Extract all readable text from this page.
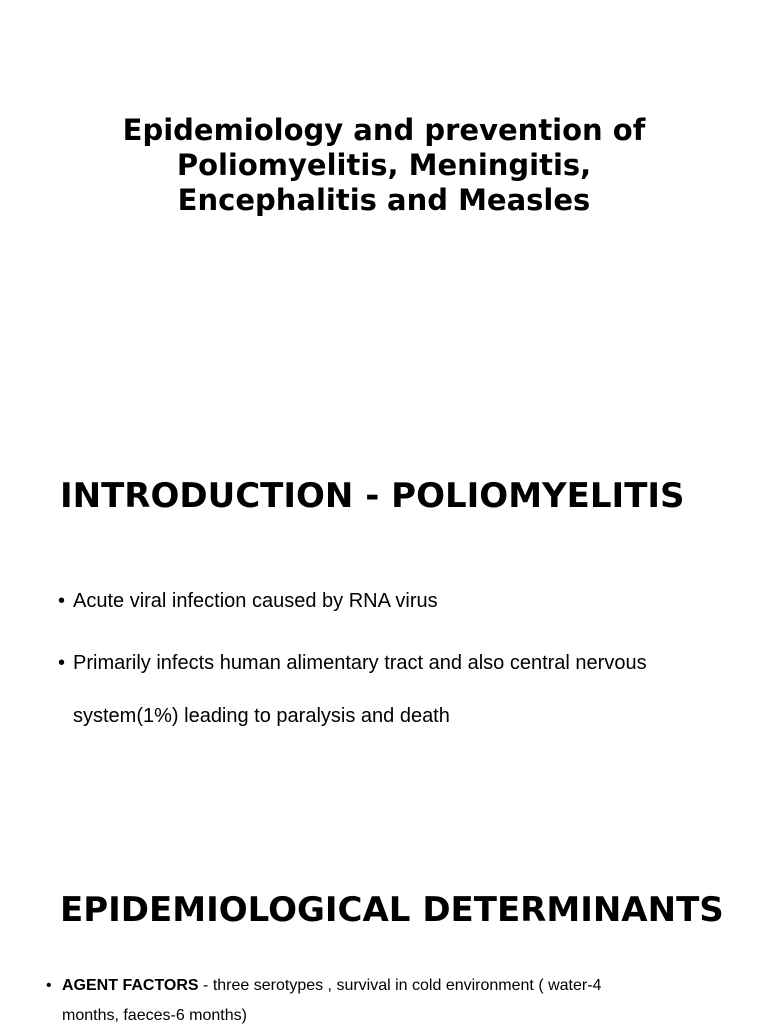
Epidemiology and prevention of Poliomyelitis, Meningitis, Encephalitis and Measles
INTRODUCTION - POLIOMYELITIS
• Acute viral infection caused by RNA virus
• Primarily infects human alimentary tract and also central nervous system(1%) leading to paralysis and death
EPIDEMIOLOGICAL DETERMINANTS
• AGENT FACTORS - three serotypes , survival in cold environment ( water-4 months, faeces-6 months)
